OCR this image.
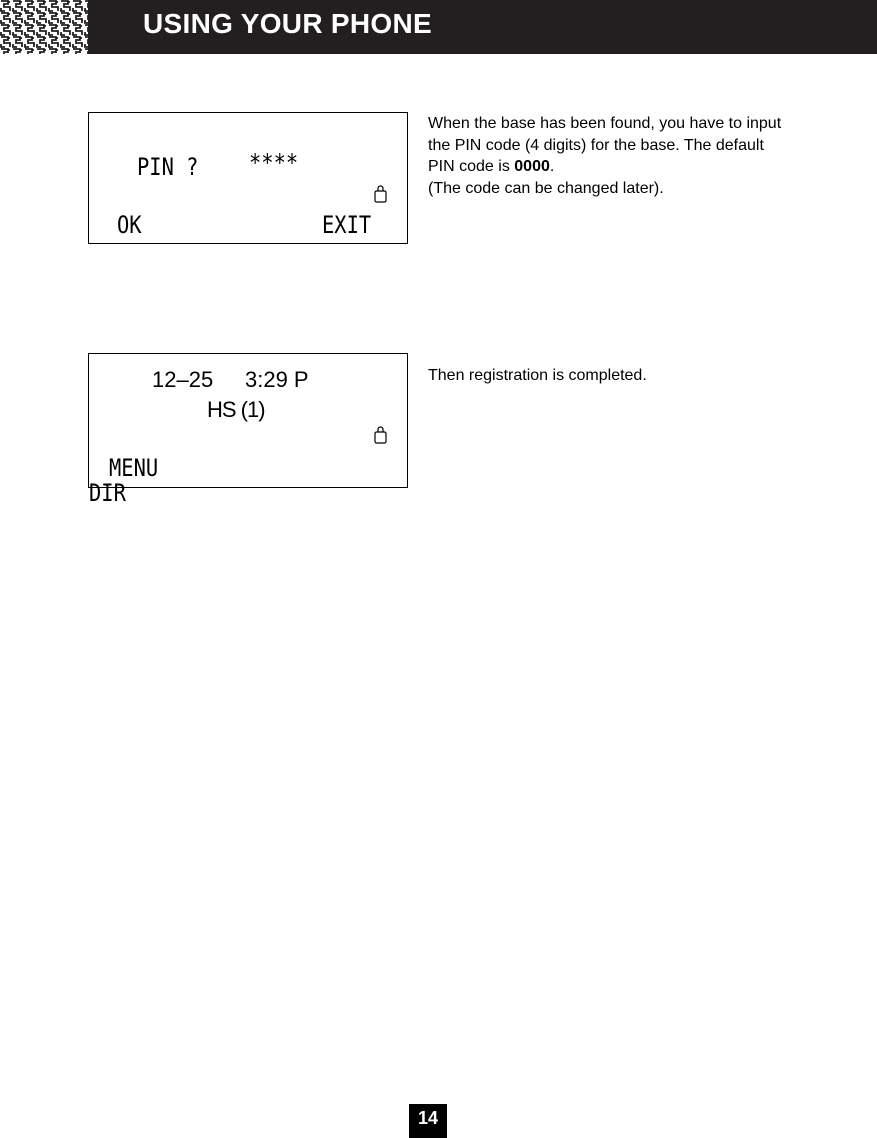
USING YOUR PHONE
PIN ? ****
OK	EXIT
12–25 3:29 P
HS (1)
MENU
DIR
When the base has been found, you have to input the PIN code (4 digits) for the base. The default PIN code is 0000.
(The code can be changed later).
Then registration is completed.
14
